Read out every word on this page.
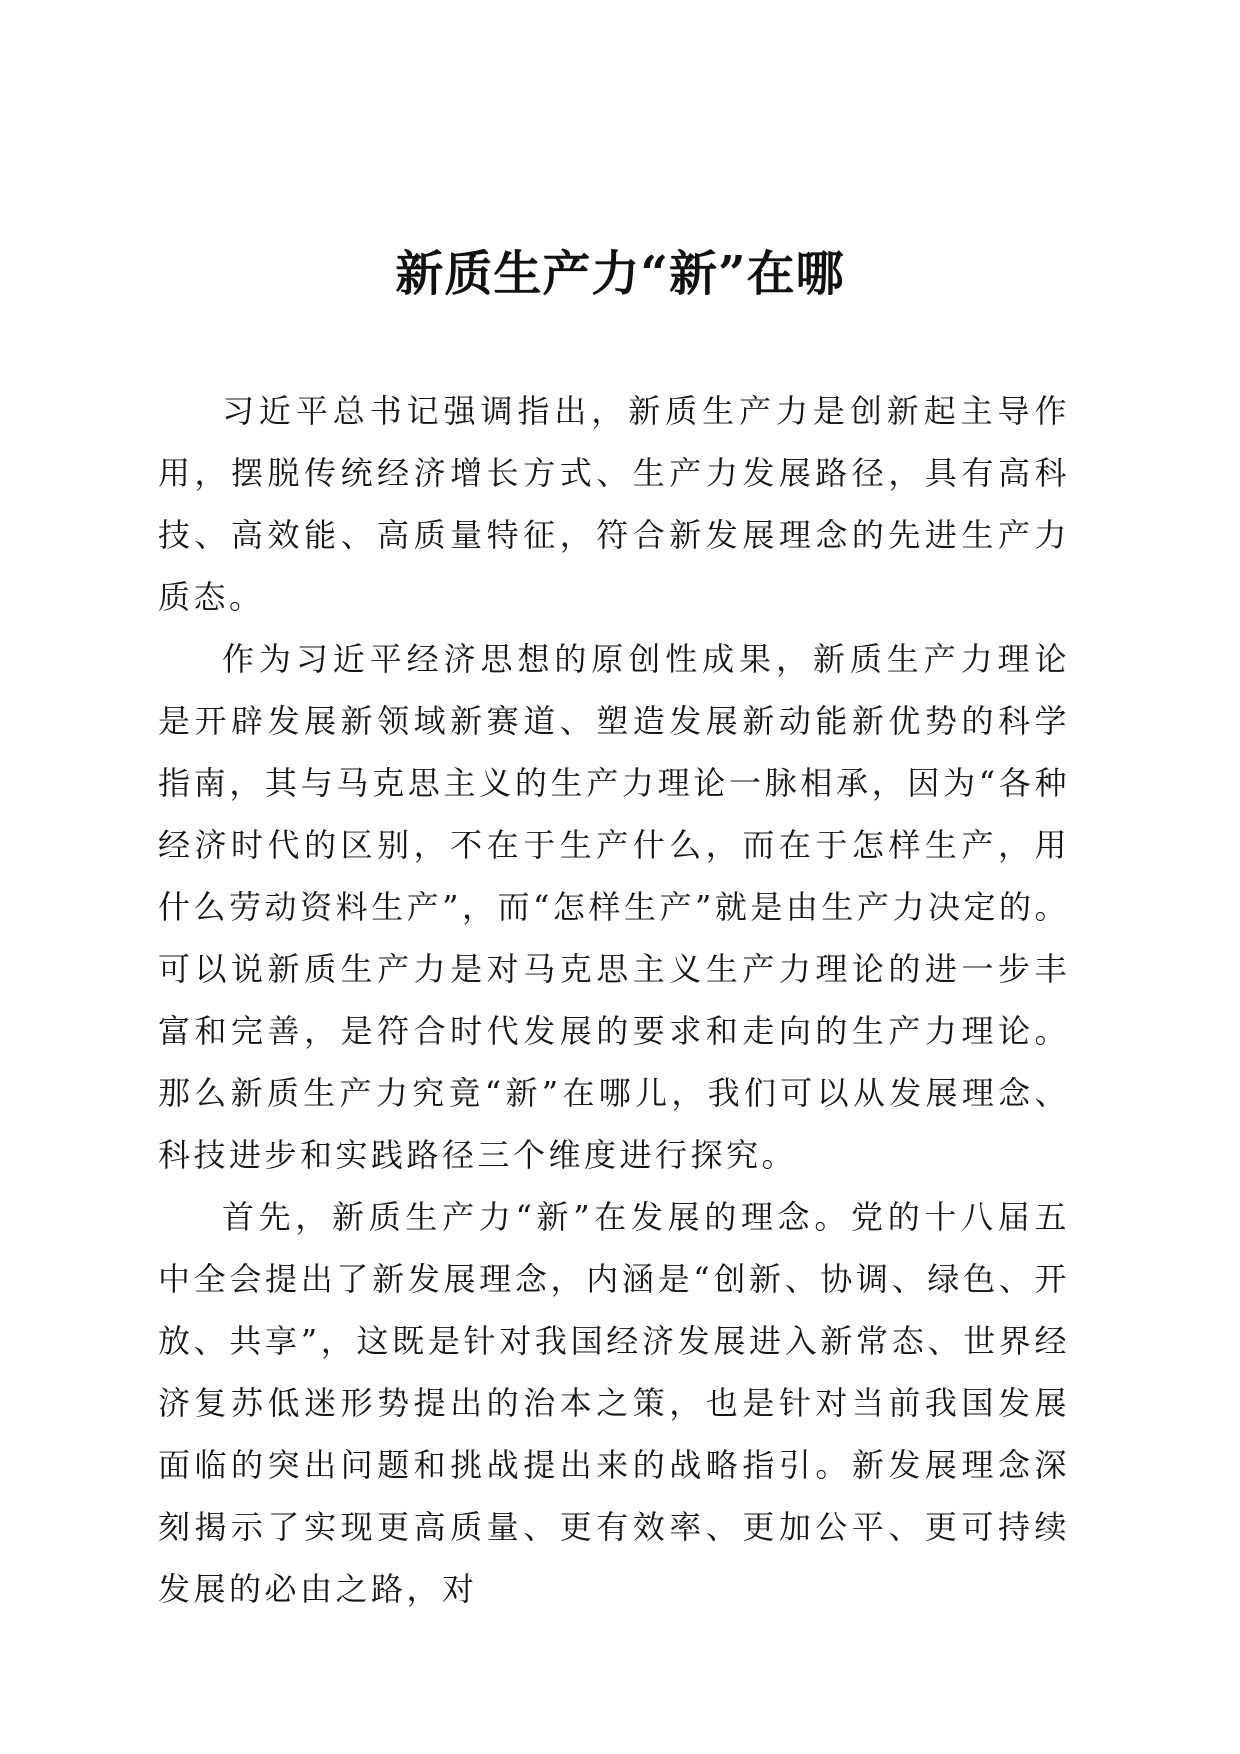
新质生产力“新”在哪

习近平总书记强调指出，新质生产力是创新起主导作用，摆脱传统经济增长方式、生产力发展路径，具有高科技、高效能、高质量特征，符合新发展理念的先进生产力质态。

作为习近平经济思想的原创性成果，新质生产力理论是开辟发展新领域新赛道、塑造发展新动能新优势的科学指南，其与马克思主义的生产力理论一脉相承，因为“各种经济时代的区别，不在于生产什么，而在于怎样生产，用什么劳动资料生产”，而“怎样生产”就是由生产力决定的。可以说新质生产力是对马克思主义生产力理论的进一步丰富和完善，是符合时代发展的要求和走向的生产力理论。那么新质生产力究竟“新”在哪儿，我们可以从发展理念、科技进步和实践路径三个维度进行探究。

首先，新质生产力“新”在发展的理念。党的十八届五中全会提出了新发展理念，内涵是“创新、协调、绿色、开放、共享”，这既是针对我国经济发展进入新常态、世界经济复苏低迷形势提出的治本之策，也是针对当前我国发展面临的突出问题和挑战提出来的战略指引。新发展理念深刻揭示了实现更高质量、更有效率、更加公平、更可持续发展的必由之路，对
